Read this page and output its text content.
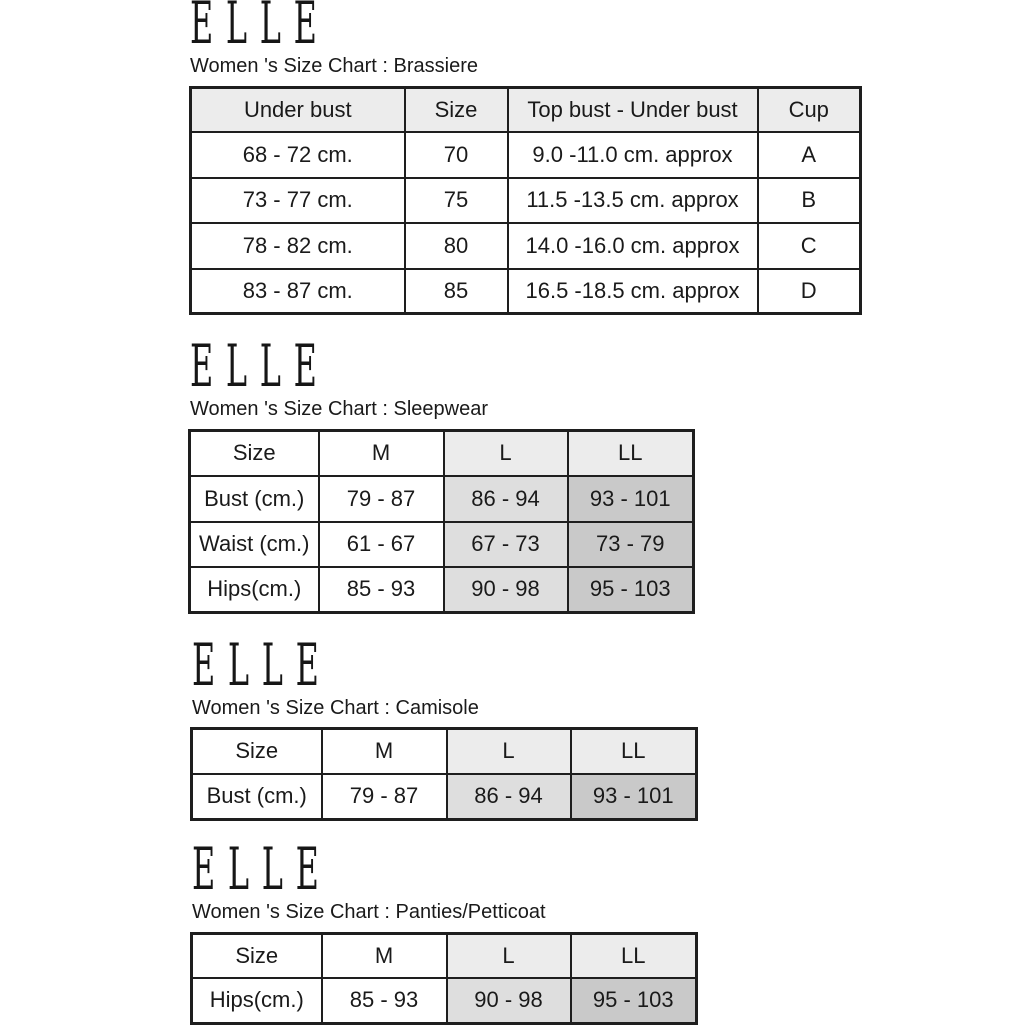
ELLE
Women 's Size Chart : Brassiere
Under bust	Size	Top bust - Under bust	Cup
68 - 72 cm.	70	9.0 -11.0 cm. approx	A
73 - 77 cm.	75	11.5 -13.5 cm. approx	B
78 - 82 cm.	80	14.0 -16.0 cm. approx	C
83 - 87 cm.	85	16.5 -18.5 cm. approx	D
ELLE
Women 's Size Chart : Sleepwear
Size	M	L	LL
Bust (cm.)	79 - 87	86 - 94	93 - 101
Waist (cm.)	61 - 67	67 - 73	73 - 79
Hips(cm.)	85 - 93	90 - 98	95 - 103
ELLE
Women 's Size Chart : Camisole
Size	M	L	LL
Bust (cm.)	79 - 87	86 - 94	93 - 101
ELLE
Women 's Size Chart : Panties/Petticoat
Size	M	L	LL
Hips(cm.)	85 - 93	90 - 98	95 - 103
